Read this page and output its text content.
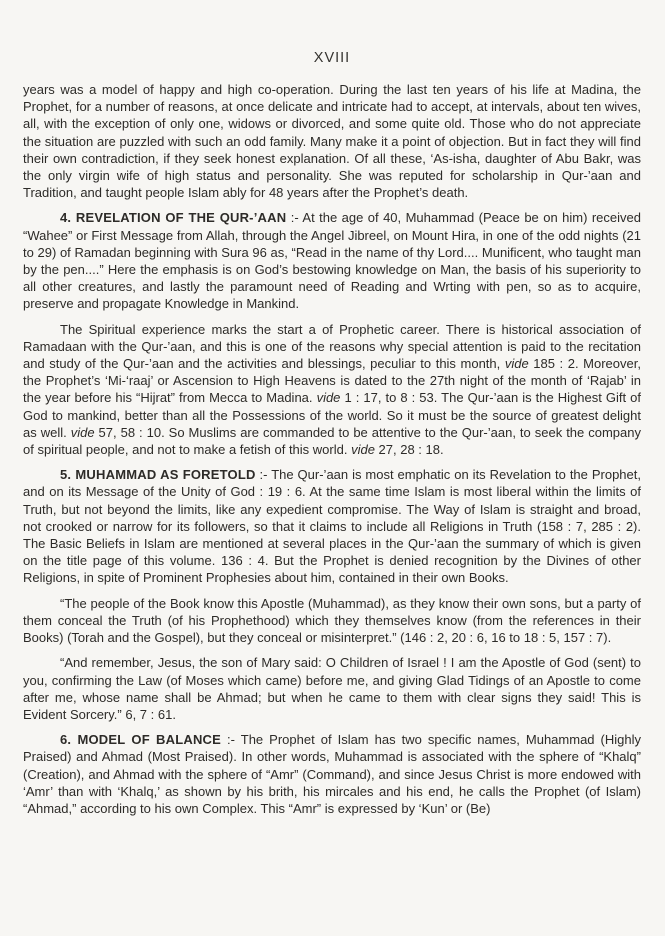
XVIII

years was a model of happy and high co-operation. During the last ten years of his life at Madina, the Prophet, for a number of reasons, at once delicate and intricate had to accept, at intervals, about ten wives, all, with the exception of only one, widows or divorced, and some quite old. Those who do not appreciate the situation are puzzled with such an odd family. Many make it a point of objection. But in fact they will find their own contradiction, if they seek honest explanation. Of all these, ‘As-isha, daughter of Abu Bakr, was the only virgin wife of high status and personality. She was reputed for scholarship in Qur-’aan and Tradition, and taught people Islam ably for 48 years after the Prophet’s death.

4. REVELATION OF THE QUR-’AAN :- At the age of 40, Muhammad (Peace be on him) received “Wahee” or First Message from Allah, through the Angel Jibreel, on Mount Hira, in one of the odd nights (21 to 29) of Ramadan beginning with Sura 96 as, “Read in the name of thy Lord.... Munificent, who taught man by the pen....” Here the emphasis is on God’s bestowing knowledge on Man, the basis of his superiority to all other creatures, and lastly the paramount need of Reading and Wrting with pen, so as to acquire, preserve and propagate Knowledge in Mankind.

The Spiritual experience marks the start a of Prophetic career. There is historical association of Ramadaan with the Qur-’aan, and this is one of the reasons why special attention is paid to the recitation and study of the Qur-’aan and the activities and blessings, peculiar to this month, vide 185 : 2. Moreover, the Prophet’s ‘Mi-‘raaj’ or Ascension to High Heavens is dated to the 27th night of the month of ‘Rajab’ in the year before his “Hijrat” from Mecca to Madina. vide 1 : 17, to 8 : 53. The Qur-’aan is the Highest Gift of God to mankind, better than all the Possessions of the world. So it must be the source of greatest delight as well. vide 57, 58 : 10. So Muslims are commanded to be attentive to the Qur-’aan, to seek the company of spiritual people, and not to make a fetish of this world. vide 27, 28 : 18.

5. MUHAMMAD AS FORETOLD :- The Qur-’aan is most emphatic on its Revelation to the Prophet, and on its Message of the Unity of God : 19 : 6. At the same time Islam is most liberal within the limits of Truth, but not beyond the limits, like any expedient compromise. The Way of Islam is straight and broad, not crooked or narrow for its followers, so that it claims to include all Religions in Truth (158 : 7, 285 : 2). The Basic Beliefs in Islam are mentioned at several places in the Qur-’aan the summary of which is given on the title page of this volume. 136 : 4. But the Prophet is denied recognition by the Divines of other Religions, in spite of Prominent Prophesies about him, contained in their own Books.

“The people of the Book know this Apostle (Muhammad), as they know their own sons, but a party of them conceal the Truth (of his Prophethood) which they themselves know (from the references in their Books) (Torah and the Gospel), but they conceal or misinterpret.” (146 : 2, 20 : 6, 16 to 18 : 5, 157 : 7).

“And remember, Jesus, the son of Mary said: O Children of Israel ! I am the Apostle of God (sent) to you, confirming the Law (of Moses which came) before me, and giving Glad Tidings of an Apostle to come after me, whose name shall be Ahmad; but when he came to them with clear signs they said! This is Evident Sorcery.” 6, 7 : 61.

6. MODEL OF BALANCE :- The Prophet of Islam has two specific names, Muhammad (Highly Praised) and Ahmad (Most Praised). In other words, Muhammad is associated with the sphere of “Khalq” (Creation), and Ahmad with the sphere of “Amr” (Command), and since Jesus Christ is more endowed with ‘Amr’ than with ‘Khalq,’ as shown by his brith, his mircales and his end, he calls the Prophet (of Islam) “Ahmad,” according to his own Complex. This “Amr” is expressed by ‘Kun’ or (Be)
